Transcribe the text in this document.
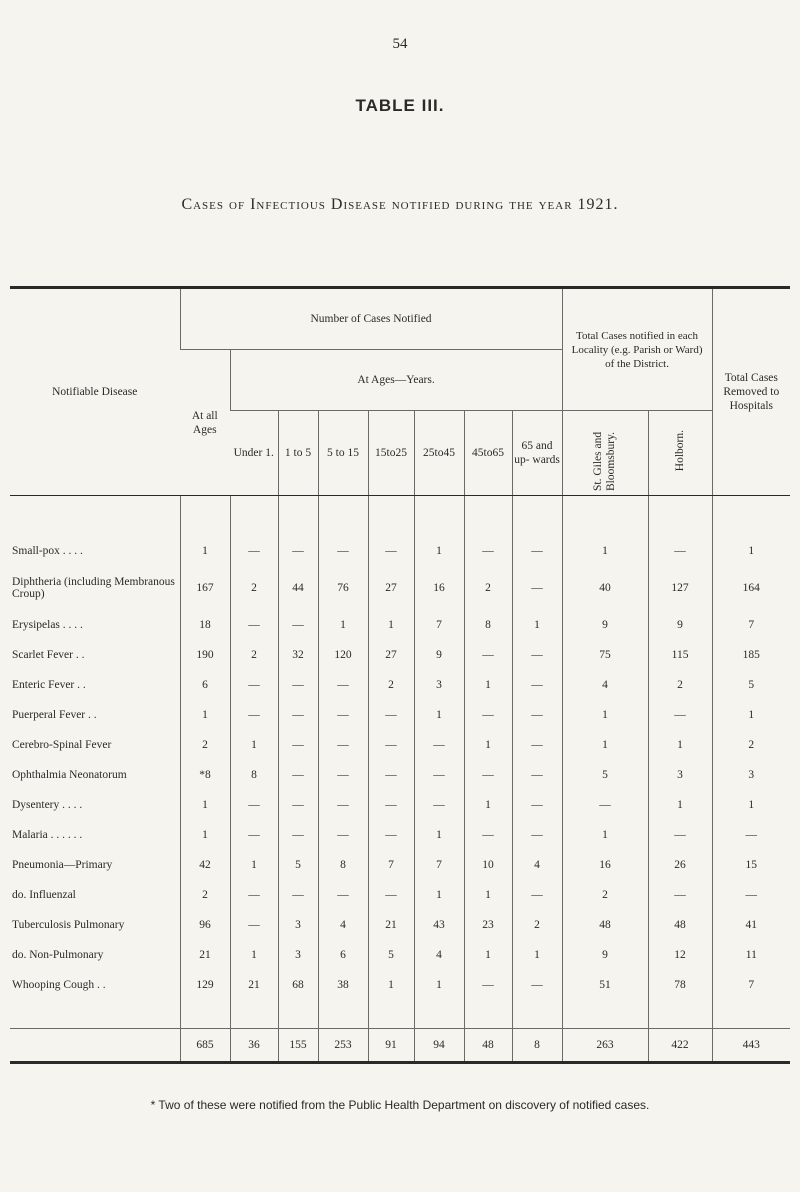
54
TABLE III.
Cases of Infectious Disease notified during the year 1921.
Notifiable Disease	Number of Cases Notified								Total Cases notified in each Locality (e.g. Parish or Ward) of the District.		Total Cases Removed to Hospitals
	At all Ages	At Ages—Years.									
		Under 1.	1 to 5	5 to 15	15to25	25to45	45to65	65 and up- wards	St. Giles and Bloomsbury.	Holborn.	

Small-pox . . . .	1	—	—	—	—	1	—	—	1	—	1
Diphtheria (including Membranous Croup)	167	2	44	76	27	16	2	—	40	127	164
Erysipelas . . . .	18	—	—	1	1	7	8	1	9	9	7
Scarlet Fever . .	190	2	32	120	27	9	—	—	75	115	185
Enteric Fever . .	6	—	—	—	2	3	1	—	4	2	5
Puerperal Fever . .	1	—	—	—	—	1	—	—	1	—	1
Cerebro-Spinal Fever	2	1	—	—	—	—	1	—	1	1	2
Ophthalmia Neonatorum	*8	8	—	—	—	—	—	—	5	3	3
Dysentery . . . .	1	—	—	—	—	—	1	—	—	1	1
Malaria . . . . . .	1	—	—	—	—	1	—	—	1	—	—
Pneumonia—Primary	42	1	5	8	7	7	10	4	16	26	15
do. Influenzal	2	—	—	—	—	1	1	—	2	—	—
Tuberculosis Pulmonary	96	—	3	4	21	43	23	2	48	48	41
do. Non-Pulmonary	21	1	3	6	5	4	1	1	9	12	11
Whooping Cough . .	129	21	68	38	1	1	—	—	51	78	7

	685	36	155	253	91	94	48	8	263	422	443
* Two of these were notified from the Public Health Department on discovery of notified cases.
